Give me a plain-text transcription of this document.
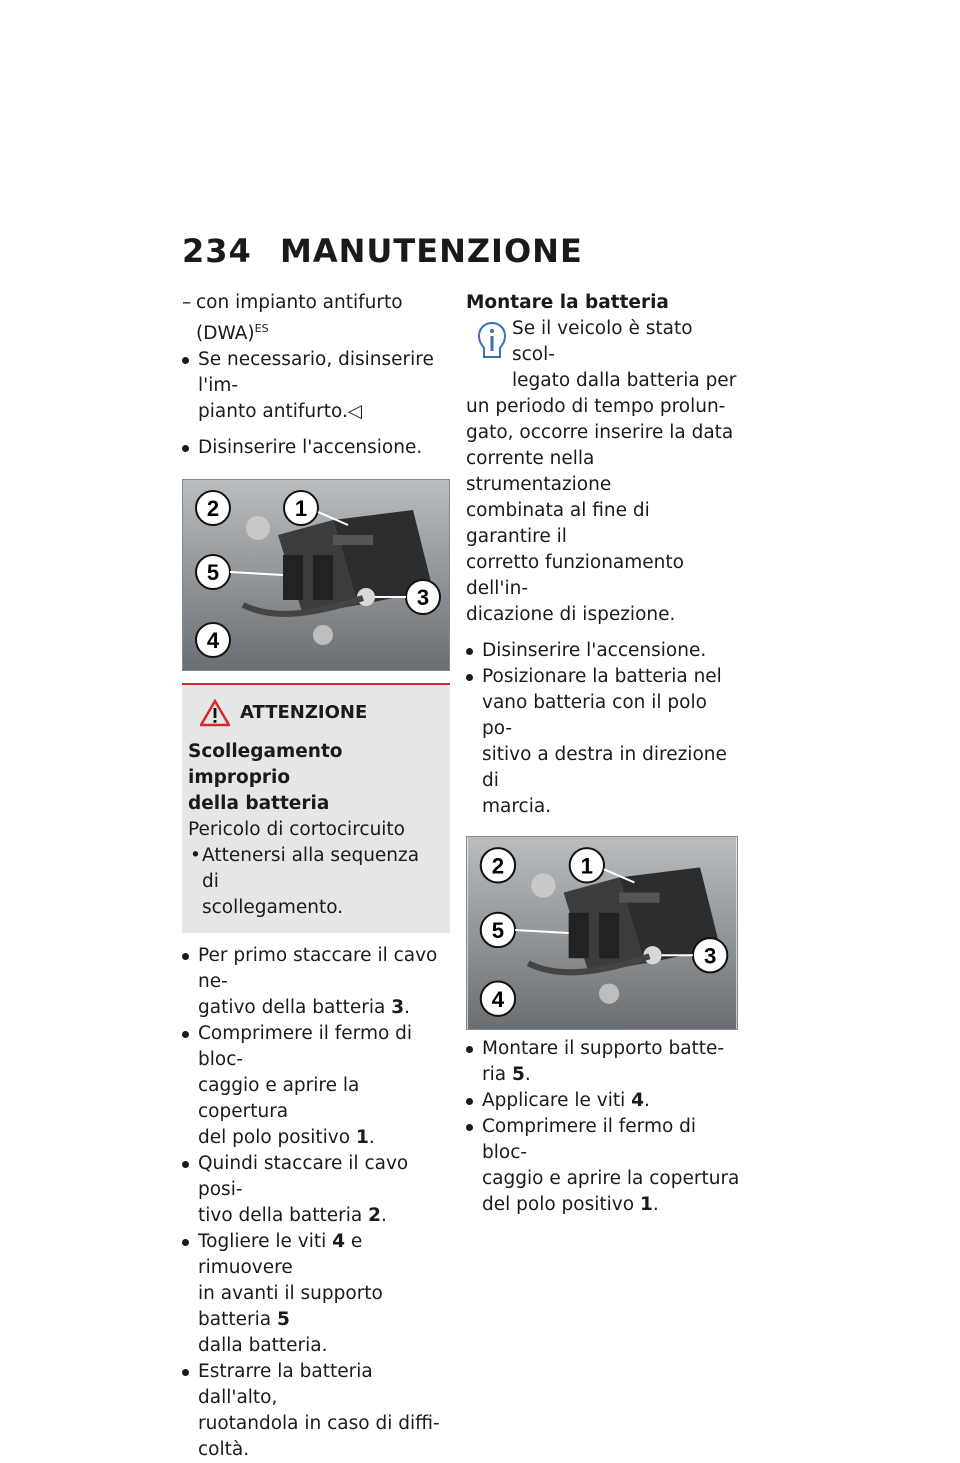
234 MANUTENZIONE
– con impianto antifurto
(DWA)$^{ES}$
Se necessario, disinserire l'im-
pianto antifurto.◁
Disinserire l'accensione.
2	1
5
3
4
ATTENZIONE
Scollegamento improprio
della batteria
Pericolo di cortocircuito
• Attenersi alla sequenza di
scollegamento.
Per primo staccare il cavo ne-
gativo della batteria 3.
Comprimere il fermo di bloc-
caggio e aprire la copertura
del polo positivo 1.
Quindi staccare il cavo posi-
tivo della batteria 2.
Togliere le viti 4 e rimuovere
in avanti il supporto batteria 5
dalla batteria.
Estrarre la batteria dall'alto,
ruotandola in caso di diffi-
coltà.
Montare la batteria
Se il veicolo è stato scol-
legato dalla batteria per
un periodo di tempo prolun-
gato, occorre inserire la data
corrente nella strumentazione
combinata al fine di garantire il
corretto funzionamento dell'in-
dicazione di ispezione.
Disinserire l'accensione.
Posizionare la batteria nel
vano batteria con il polo po-
sitivo a destra in direzione di
marcia.
2	1
5
3
4
Montare il supporto batte-
ria 5.
Applicare le viti 4.
Comprimere il fermo di bloc-
caggio e aprire la copertura
del polo positivo 1.
